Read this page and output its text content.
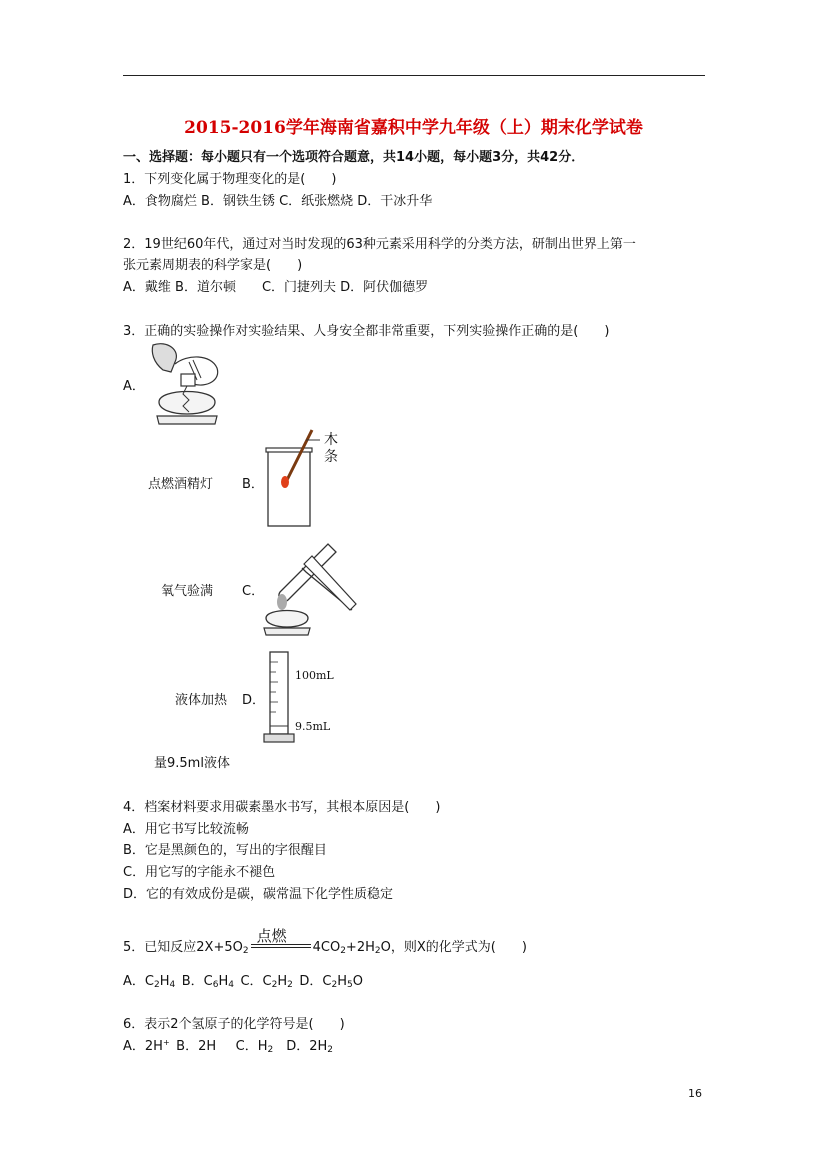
2015-2016学年海南省嘉积中学九年级（上）期末化学试卷
一、选择题：每小题只有一个选项符合题意，共14小题，每小题3分，共42分．
1．下列变化属于物理变化的是(　　)
A．食物腐烂 B．钢铁生锈 C．纸张燃烧 D．干冰升华
2．19世纪60年代，通过对当时发现的63种元素采用科学的分类方法，研制出世界上第一
张元素周期表的科学家是(　　)
A．戴维 B．道尔顿　　C．门捷列夫 D．阿伏伽德罗
3．正确的实验操作对实验结果、人身安全都非常重要，下列实验操作正确的是(　　)
A．
点燃酒精灯 B．
木条
氧气验满 C．
液体加热 D．
100mL
9.5mL
量9.5ml液体
4．档案材料要求用碳素墨水书写，其根本原因是(　　)
A．用它书写比较流畅
B．它是黑颜色的，写出的字很醒目
C．用它写的字能永不褪色
D．它的有效成份是碳，碳常温下化学性质稳定
5．已知反应$2X+5O_2$
点燃
$4CO_2+2H_2O$，则X的化学式为(　　)
A．$C_2H_4$ B．$C_6H_4$ C．$C_2H_2$ D．$C_2H_5O$
6．表示2个氢原子的化学符号是(　　)
A．2H+ B．2H　 C．$H_2$　D．$2H_2$
16
